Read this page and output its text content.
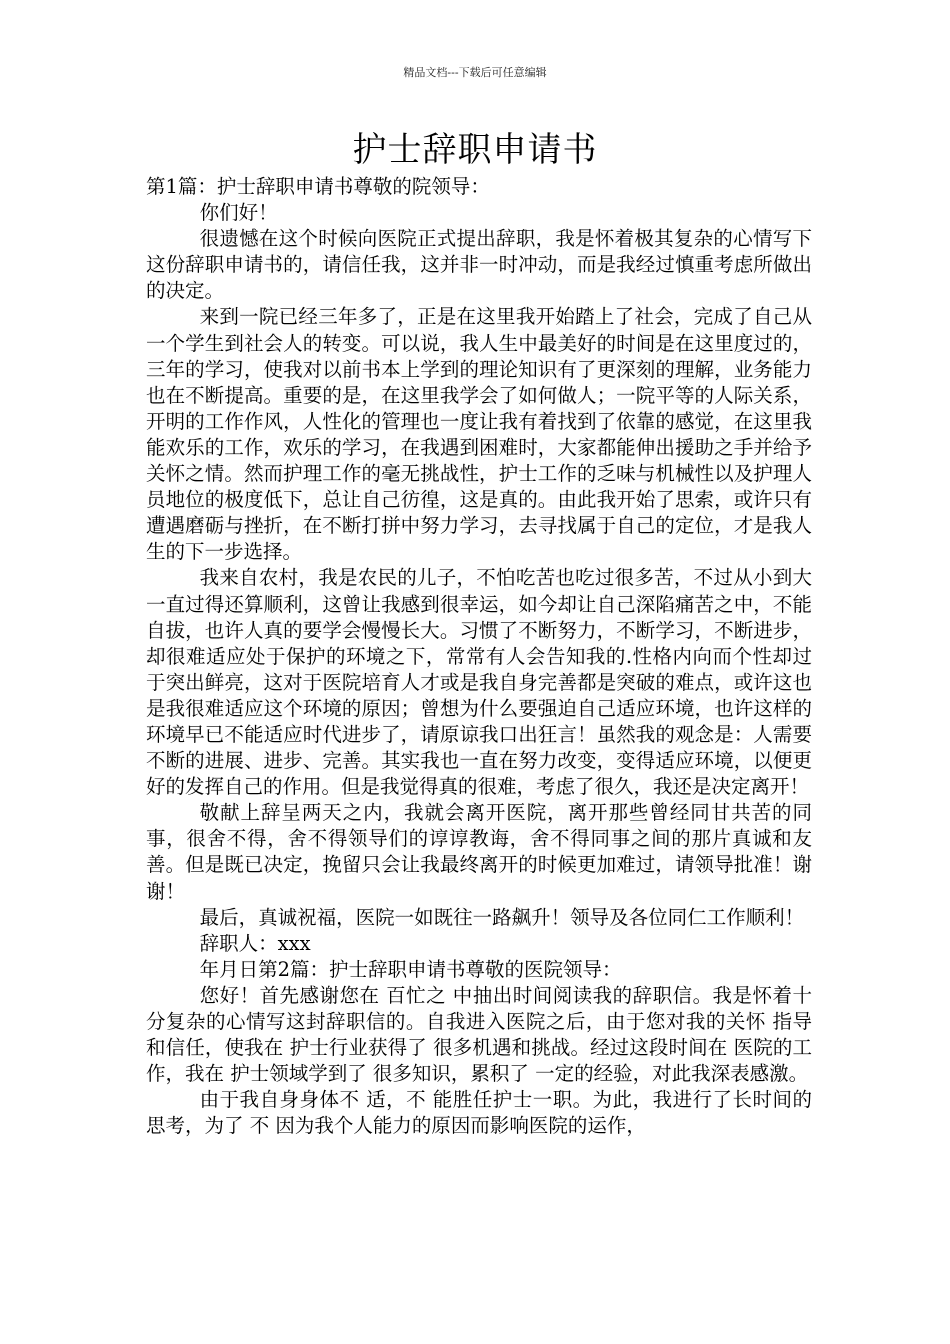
精品文档---下载后可任意编辑
护士辞职申请书

第1篇：护士辞职申请书尊敬的院领导：

你们好！

很遗憾在这个时候向医院正式提出辞职，我是怀着极其复杂的心情写下这份辞职申请书的，请信任我，这并非一时冲动，而是我经过慎重考虑所做出的决定。

来到一院已经三年多了，正是在这里我开始踏上了社会，完成了自己从一个学生到社会人的转变。可以说，我人生中最美好的时间是在这里度过的，三年的学习，使我对以前书本上学到的理论知识有了更深刻的理解，业务能力也在不断提高。重要的是，在这里我学会了如何做人；一院平等的人际关系，开明的工作作风，人性化的管理也一度让我有着找到了依靠的感觉，在这里我能欢乐的工作，欢乐的学习，在我遇到困难时，大家都能伸出援助之手并给予关怀之情。然而护理工作的毫无挑战性，护士工作的乏味与机械性以及护理人员地位的极度低下，总让自己彷徨，这是真的。由此我开始了思索，或许只有遭遇磨砺与挫折，在不断打拼中努力学习，去寻找属于自己的定位，才是我人生的下一步选择。

我来自农村，我是农民的儿子，不怕吃苦也吃过很多苦，不过从小到大一直过得还算顺利，这曾让我感到很幸运，如今却让自己深陷痛苦之中，不能自拔，也许人真的要学会慢慢长大。习惯了不断努力，不断学习，不断进步，却很难适应处于保护的环境之下，常常有人会告知我的.性格内向而个性却过于突出鲜亮，这对于医院培育人才或是我自身完善都是突破的难点，或许这也是我很难适应这个环境的原因；曾想为什么要强迫自己适应环境，也许这样的环境早已不能适应时代进步了，请原谅我口出狂言！虽然我的观念是：人需要不断的进展、进步、完善。其实我也一直在努力改变，变得适应环境，以便更好的发挥自己的作用。但是我觉得真的很难，考虑了很久，我还是决定离开！

敬献上辞呈两天之内，我就会离开医院，离开那些曾经同甘共苦的同事，很舍不得，舍不得领导们的谆谆教诲，舍不得同事之间的那片真诚和友善。但是既已决定，挽留只会让我最终离开的时候更加难过，请领导批准！谢谢！

最后，真诚祝福，医院一如既往一路飙升！领导及各位同仁工作顺利！

辞职人：xxx

年月日第2篇：护士辞职申请书尊敬的医院领导：

您好！首先感谢您在 百忙之 中抽出时间阅读我的辞职信。我是怀着十分复杂的心情写这封辞职信的。自我进入医院之后，由于您对我的关怀 指导和信任，使我在 护士行业获得了 很多机遇和挑战。经过这段时间在 医院的工作，我在 护士领域学到了 很多知识，累积了 一定的经验，对此我深表感激。

由于我自身身体不 适，不 能胜任护士一职。为此，我进行了长时间的思考，为了 不 因为我个人能力的原因而影响医院的运作，
